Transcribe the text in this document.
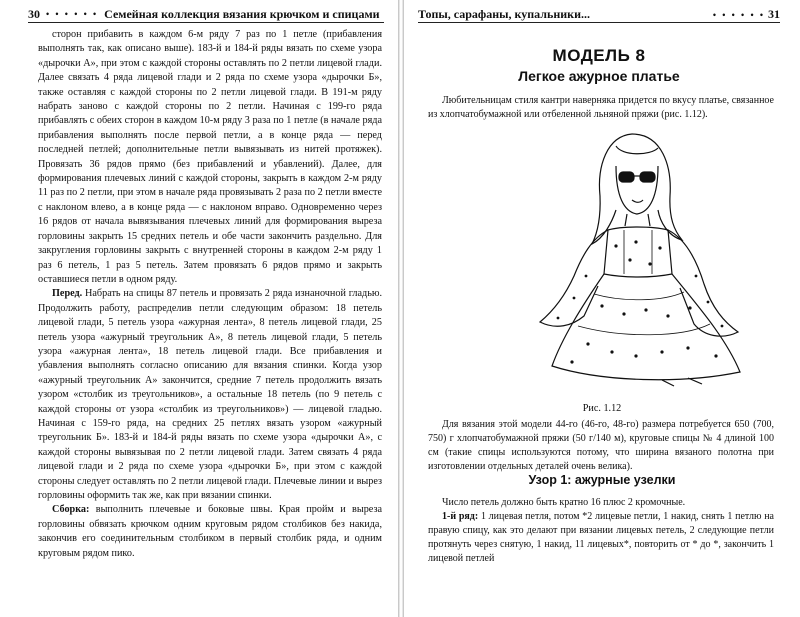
30 • • • • • • Семейная коллекция вязания крючком и спицами

сторон прибавить в каждом 6-м ряду 7 раз по 1 петле (прибавления выполнять так, как описано выше). 183-й и 184-й ряды вязать по схеме узора «дырочки А», при этом с каждой стороны оставлять по 2 петли лицевой глади. Далее связать 4 ряда лицевой глади и 2 ряда по схеме узора «дырочки Б», также оставляя с каждой стороны по 2 петли лицевой глади. В 191-м ряду набрать заново с каждой стороны по 2 петли. Начиная с 199-го ряда прибавлять с обеих сторон в каждом 10-м ряду 3 раза по 1 петле (в начале ряда прибавления выполнять после первой петли, а в конце ряда — перед последней петлей; дополнительные петли вывязывать из нитей протяжек). Провязать 36 рядов прямо (без прибавлений и убавлений). Далее, для формирования плечевых линий с каждой стороны, закрыть в каждом 2-м ряду 11 раз по 2 петли, при этом в начале ряда провязывать 2 раза по 2 петли вместе с наклоном влево, а в конце ряда — с наклоном вправо. Одновременно через 16 рядов от начала вывязывания плечевых линий для формирования выреза горловины закрыть 15 средних петель и обе части закончить раздельно. Для закругления горловины закрыть с внутренней стороны в каждом 2-м ряду 1 раз 6 петель, 1 раз 5 петель. Затем провязать 6 рядов прямо и закрыть оставшиеся петли в одном ряду.

Перед. Набрать на спицы 87 петель и провязать 2 ряда изнаночной гладью. Продолжить работу, распределив петли следующим образом: 18 петель лицевой глади, 5 петель узора «ажурная лента», 8 петель лицевой глади, 25 петель узора «ажурный треугольник А», 8 петель лицевой глади, 5 петель узора «ажурная лента», 18 петель лицевой глади. Все прибавления и убавления выполнять согласно описанию для вязания спинки. Когда узор «ажурный треугольник А» закончится, средние 7 петель продолжить вязать узором «столбик из треугольников», а остальные 18 петель (по 9 петель с каждой стороны от узора «столбик из треугольников») — лицевой гладью. Начиная с 159-го ряда, на средних 25 петлях вязать узором «ажурный треугольник Б». 183-й и 184-й ряды вязать по схеме узора «дырочки А», с каждой стороны вывязывая по 2 петли лицевой глади. Затем связать 4 ряда лицевой глади и 2 ряда по схеме узора «дырочки Б», при этом с каждой стороны следует оставлять по 2 петли лицевой глади. Плечевые линии и вырез горловины оформить так же, как при вязании спинки.

Сборка: выполнить плечевые и боковые швы. Края пройм и выреза горловины обвязать крючком одним круговым рядом столбиков без накида, закончив его соединительным столбиком в первый столбик ряда, и одним круговым рядом пико.

Топы, сарафаны, купальники...	• • • • • • 31
МОДЕЛЬ 8
Легкое ажурное платье
Любительницам стиля кантри наверняка придется по вкусу платье, связанное из хлопчатобумажной или отбеленной льняной пряжи (рис. 1.12).
Рис. 1.12
Для вязания этой модели 44-го (46-го, 48-го) размера потребуется 650 (700, 750) г хлопчатобумажной пряжи (50 г/140 м), круговые спицы № 4 длиной 100 см (такие спицы используются потому, что ширина вязаного полотна при изготовлении отдельных деталей очень велика).
Узор 1: ажурные узелки

Число петель должно быть кратно 16 плюс 2 кромочные.

1-й ряд: 1 лицевая петля, потом *2 лицевые петли, 1 накид, снять 1 петлю на правую спицу, как это делают при вязании лицевых петель, 2 следующие петли протянуть через снятую, 1 накид, 11 лицевых*, повторить от * до *, закончить 1 лицевой петлей
